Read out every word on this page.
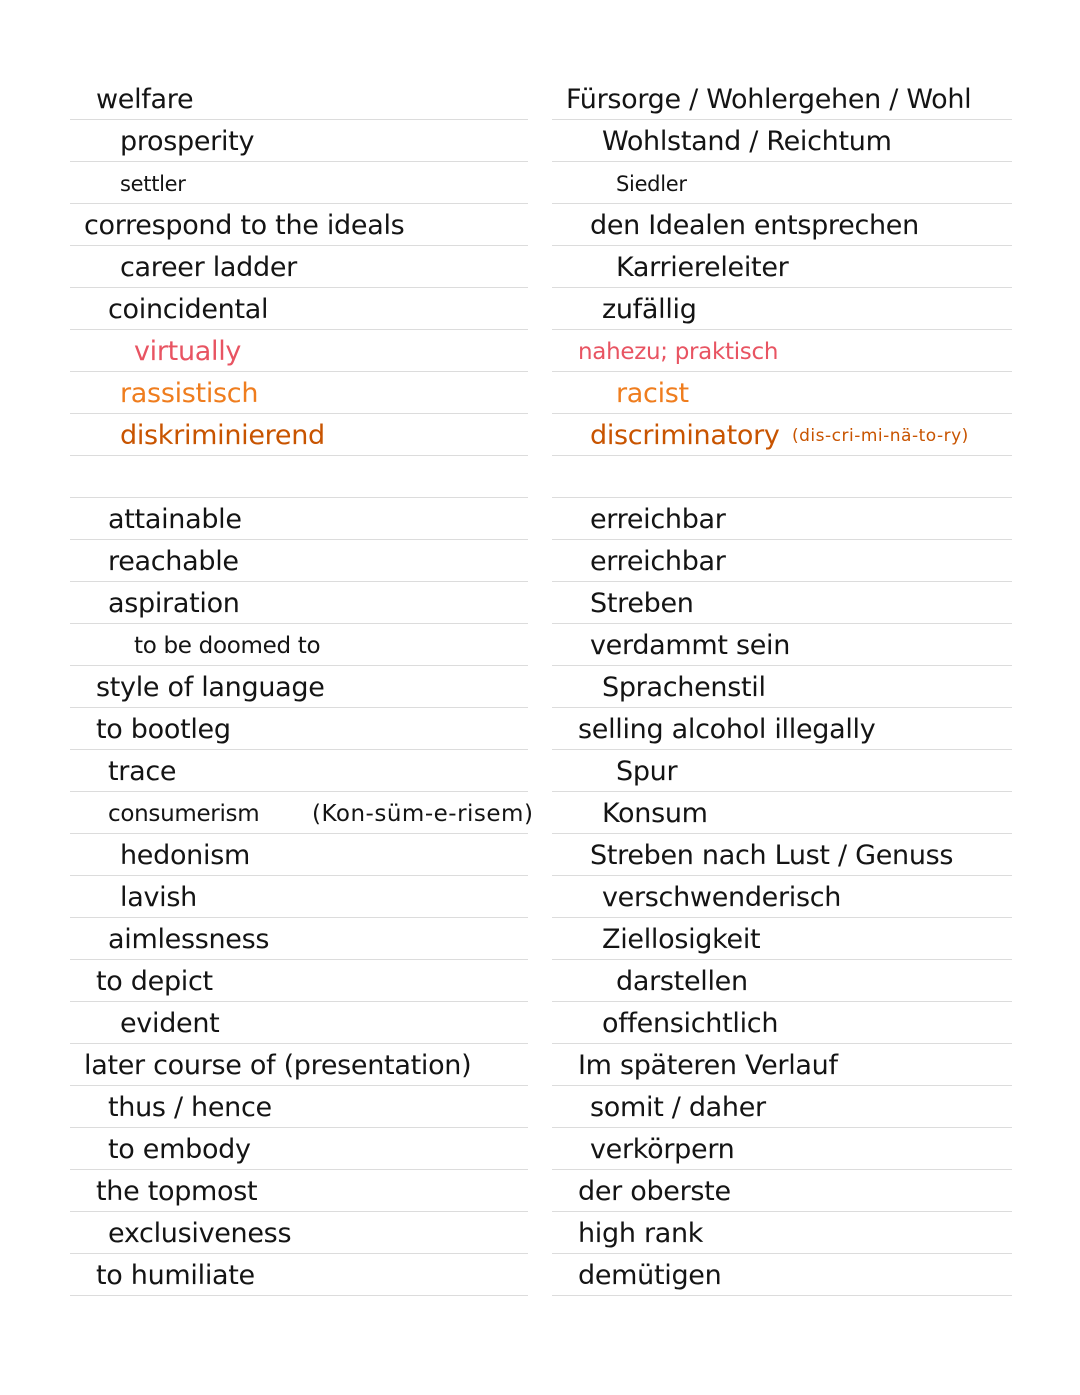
welfare
prosperity
settler
correspond to the ideals
career ladder
coincidental
virtually
rassistisch
diskriminierend
attainable
reachable
aspiration
to be doomed to
style of language
to bootleg
trace
consumerism (Kon-süm-e-risem)
hedonism
lavish
aimlessness
to depict
evident
later course of (presentation)
thus / hence
to embody
the topmost
exclusiveness
to humiliate
Fürsorge / Wohlergehen / Wohl
Wohlstand / Reichtum
Siedler
den Idealen entsprechen
Karriereleiter
zufällig
nahezu; praktisch
racist
discriminatory (dis-cri-mi-nä-to-ry)
erreichbar
erreichbar
Streben
verdammt sein
Sprachenstil
selling alcohol illegally
Spur
Konsum
Streben nach Lust / Genuss
verschwenderisch
Ziellosigkeit
darstellen
offensichtlich
Im späteren Verlauf
somit / daher
verkörpern
der oberste
high rank
demütigen
